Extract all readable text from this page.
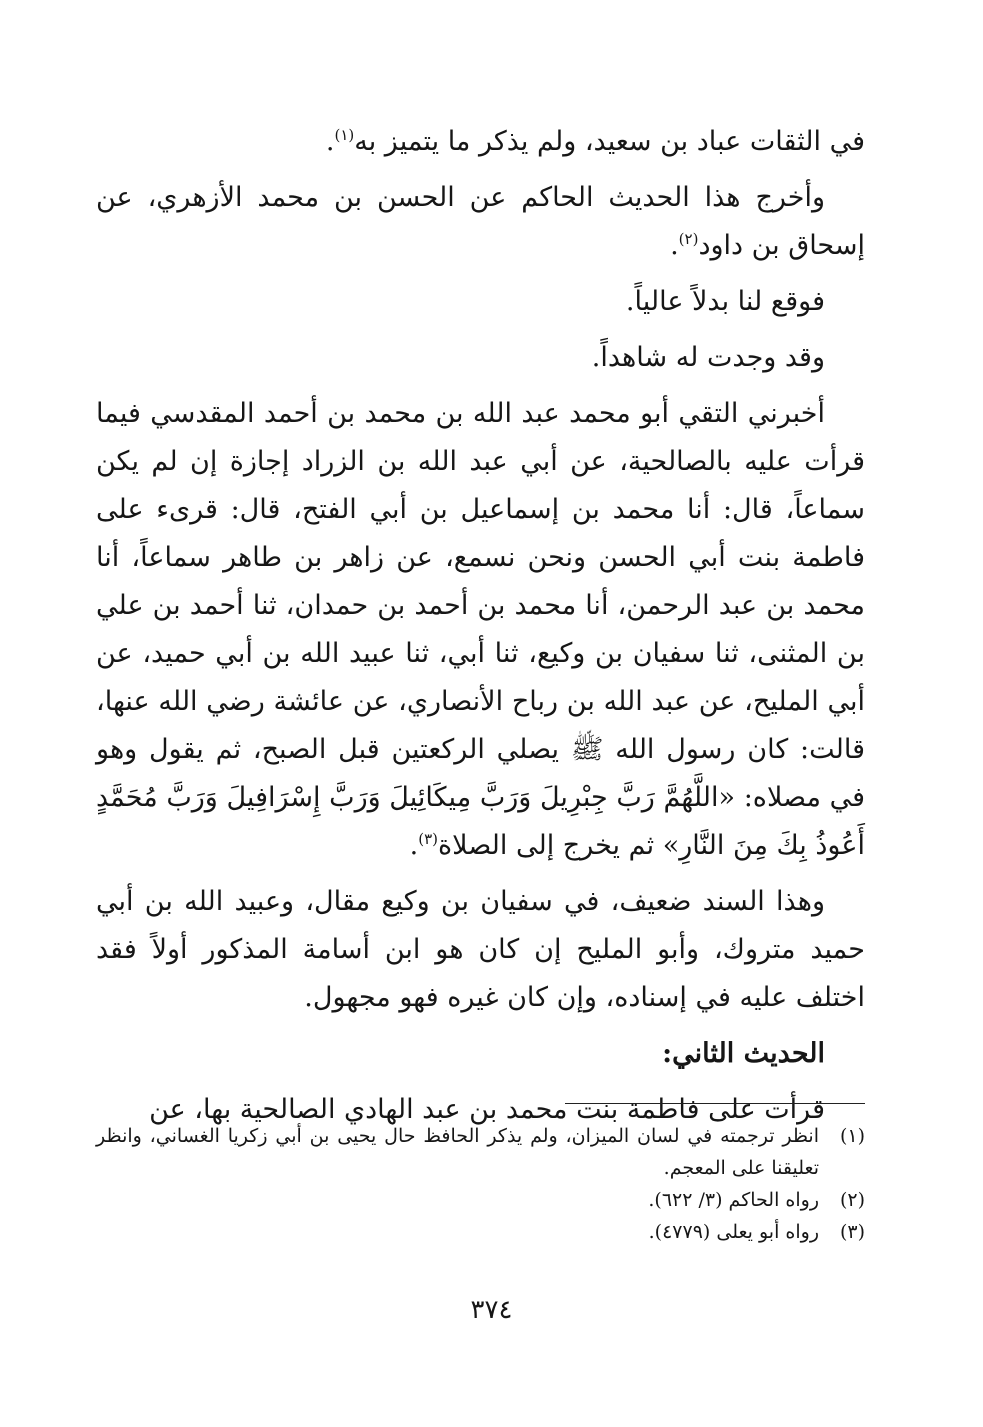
في الثقات عباد بن سعيد، ولم يذكر ما يتميز به$^{(١)}$.

وأخرج هذا الحديث الحاكم عن الحسن بن محمد الأزهري، عن إسحاق بن داود$^{(٢)}$.

فوقع لنا بدلاً عالياً.

وقد وجدت له شاهداً.

أخبرني التقي أبو محمد عبد الله بن محمد بن أحمد المقدسي فيما قرأت عليه بالصالحية، عن أبي عبد الله بن الزراد إجازة إن لم يكن سماعاً، قال: أنا محمد بن إسماعيل بن أبي الفتح، قال: قرىء على فاطمة بنت أبي الحسن ونحن نسمع، عن زاهر بن طاهر سماعاً، أنا محمد بن عبد الرحمن، أنا محمد بن أحمد بن حمدان، ثنا أحمد بن علي بن المثنى، ثنا سفيان بن وكيع، ثنا أبي، ثنا عبيد الله بن أبي حميد، عن أبي المليح، عن عبد الله بن رباح الأنصاري، عن عائشة رضي الله عنها، قالت: كان رسول الله ﷺ يصلي الركعتين قبل الصبح، ثم يقول وهو في مصلاه: «اللَّهُمَّ رَبَّ جِبْرِيلَ وَرَبَّ مِيكَائِيلَ وَرَبَّ إِسْرَافِيلَ وَرَبَّ مُحَمَّدٍ أَعُوذُ بِكَ مِنَ النَّارِ» ثم يخرج إلى الصلاة$^{(٣)}$.

وهذا السند ضعيف، في سفيان بن وكيع مقال، وعبيد الله بن أبي حميد متروك، وأبو المليح إن كان هو ابن أسامة المذكور أولاً فقد اختلف عليه في إسناده، وإن كان غيره فهو مجهول.

الحديث الثاني:

قرأت على فاطمة بنت محمد بن عبد الهادي الصالحية بها، عن

(١)
انظر ترجمته في لسان الميزان، ولم يذكر الحافظ حال يحيى بن أبي زكريا الغساني، وانظر تعليقنا على المعجم.
(٢)
رواه الحاكم (٣/ ٦٢٢).
(٣)
رواه أبو يعلى (٤٧٧٩).
٣٧٤
